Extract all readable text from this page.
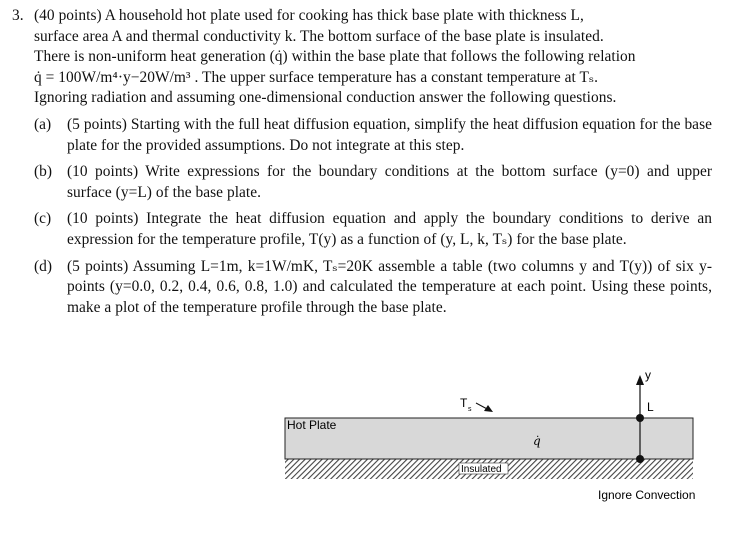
3. (40 points) A household hot plate used for cooking has thick base plate with thickness L,

surface area A and thermal conductivity k. The bottom surface of the base plate is insulated.

There is non-uniform heat generation (q̇) within the base plate that follows the following relation

q̇ = 100W/m⁴·y−20W/m³ . The upper surface temperature has a constant temperature at Tₛ.

Ignoring radiation and assuming one-dimensional conduction answer the following questions.

(a)	(5 points) Starting with the full heat diffusion equation, simplify the heat diffusion equation for the base plate for the provided assumptions. Do not integrate at this step.
(b) (10 points) Write expressions for the boundary conditions at the bottom surface (y=0) and upper surface (y=L) of the base plate.
(c)	(10 points) Integrate the heat diffusion equation and apply the boundary conditions to derive an expression for the temperature profile, T(y) as a function of (y, L, k, Tₛ) for the base plate.
(d) (5 points) Assuming L=1m, k=1W/mK, Tₛ=20K assemble a table (two columns y and T(y)) of six y-points (y=0.0, 0.2, 0.4, 0.6, 0.8, 1.0) and calculated the temperature at each point. Using these points, make a plot of the temperature profile through the base plate.
Hot Plate
T s
q̇
Insulated
y
L
Ignore Convection
